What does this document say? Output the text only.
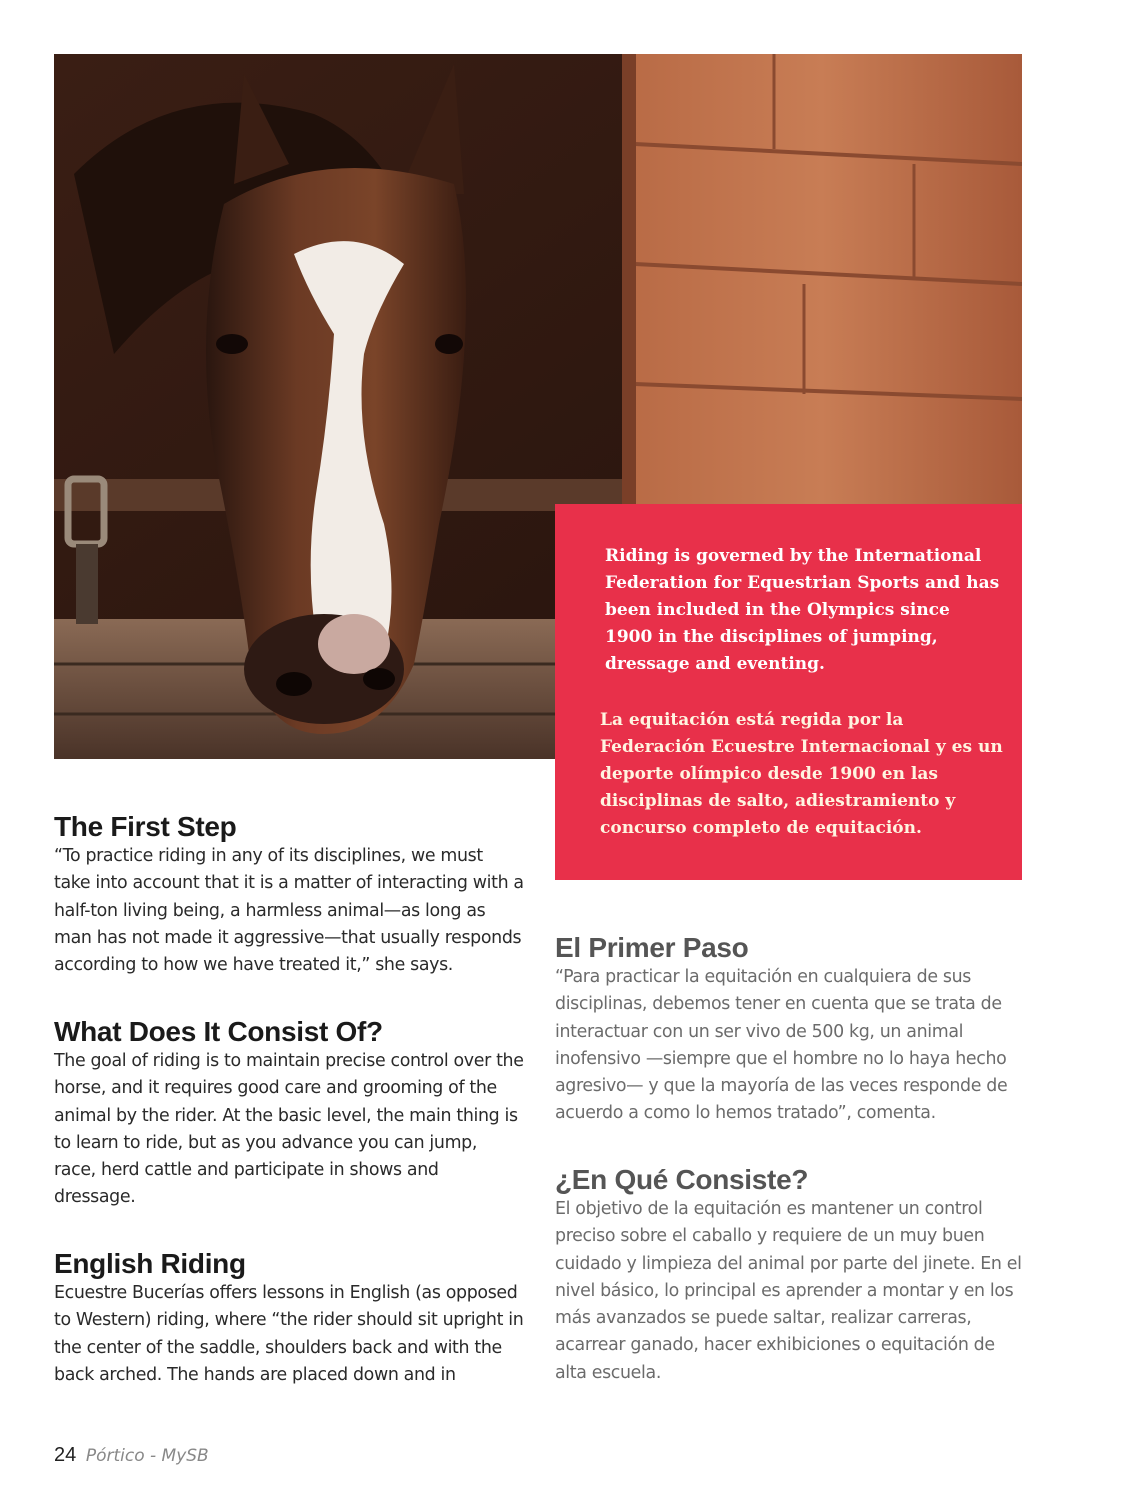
Riding is governed by the International Federation for Equestrian Sports and has been included in the Olympics since 1900 in the disciplines of jumping, dressage and eventing.

La equitación está regida por la Federación Ecuestre Internacional y es un deporte olímpico desde 1900 en las disciplinas de salto, adiestramiento y concurso completo de equitación.

The First Step

“To practice riding in any of its disciplines, we must take into account that it is a matter of interacting with a half-ton living being, a harmless animal—as long as man has not made it aggressive—that usually responds according to how we have treated it,” she says.

What Does It Consist Of?

The goal of riding is to maintain precise control over the horse, and it requires good care and grooming of the animal by the rider. At the basic level, the main thing is to learn to ride, but as you advance you can jump, race, herd cattle and participate in shows and dressage.

English Riding

Ecuestre Bucerías offers lessons in English (as opposed to Western) riding, where “the rider should sit upright in the center of the saddle, shoulders back and with the back arched. The hands are placed down and in

El Primer Paso

“Para practicar la equitación en cualquiera de sus disciplinas, debemos tener en cuenta que se trata de interactuar con un ser vivo de 500 kg, un animal inofensivo —siempre que el hombre no lo haya hecho agresivo— y que la mayoría de las veces responde de acuerdo a como lo hemos tratado”, comenta.

¿En Qué Consiste?

El objetivo de la equitación es mantener un control preciso sobre el caballo y requiere de un muy buen cuidado y limpieza del animal por parte del jinete. En el nivel básico, lo principal es aprender a montar y en los más avanzados se puede saltar, realizar carreras, acarrear ganado, hacer exhibiciones o equitación de alta escuela.

24 Pórtico - MySB
